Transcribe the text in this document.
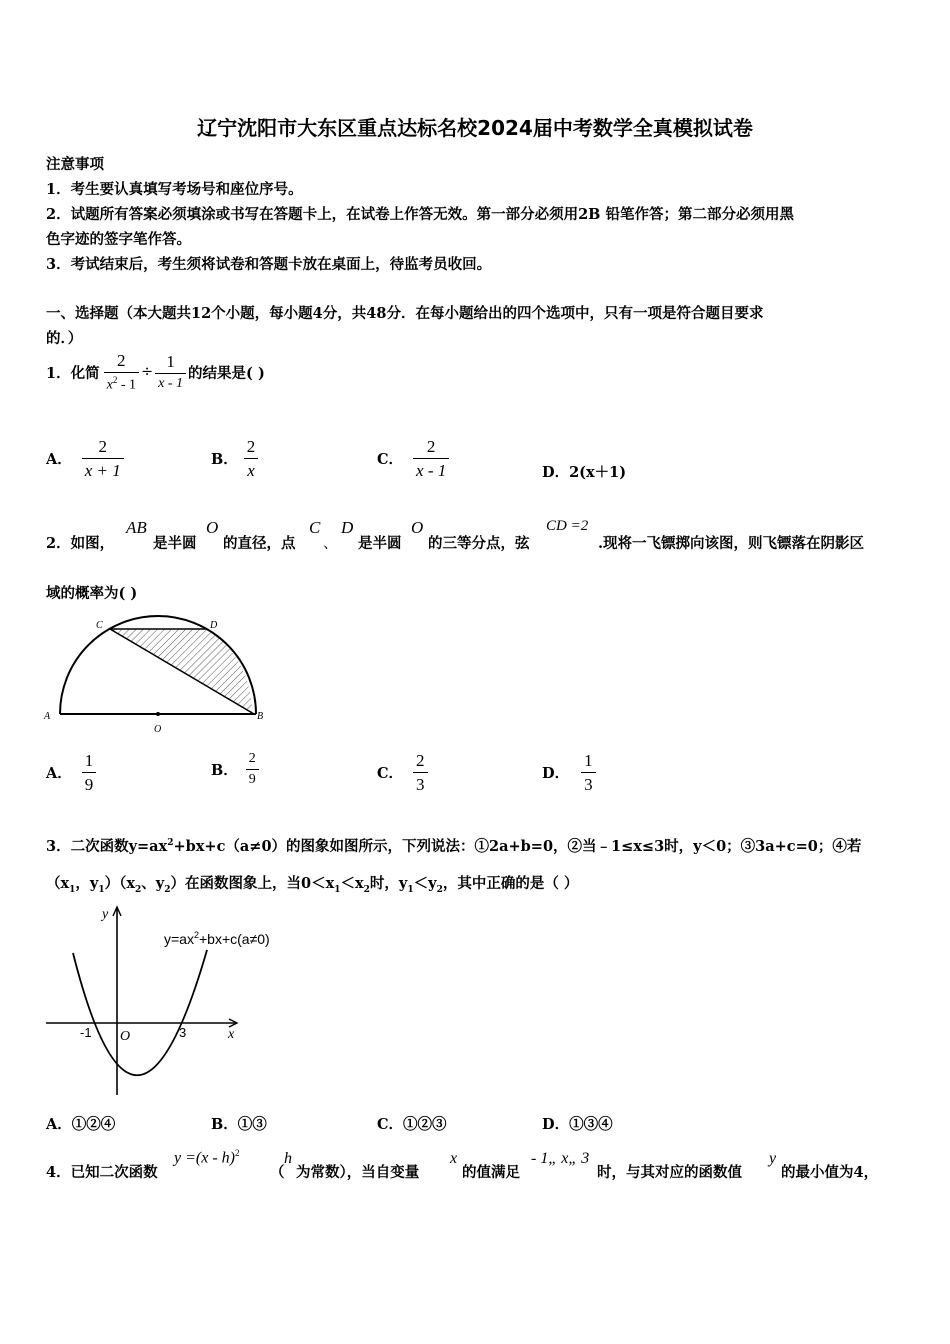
辽宁沈阳市大东区重点达标名校2024届中考数学全真模拟试卷
注意事项
1．考生要认真填写考场号和座位序号。
2．试题所有答案必须填涂或书写在答题卡上，在试卷上作答无效。第一部分必须用2B 铅笔作答；第二部分必须用黑
色字迹的签字笔作答。
3．考试结束后，考生须将试卷和答题卡放在桌面上，待监考员收回。
一、选择题（本大题共12个小题，每小题4分，共48分．在每小题给出的四个选项中，只有一项是符合题目要求
的．）
1．化简 $\frac{2}{x^2 - 1} \div \frac{1}{x - 1}$ 的结果是( )
A． $\frac{2}{x + 1}$	B． $\frac{2}{x}$	C． $\frac{2}{x - 1}$	D．2(x＋1)
2．如图，
AB
是半圆
O
的直径，点
C
、
D
是半圆
O
的三等分点，弦
CD =2
.现将一飞镖掷向该图，则飞镖落在阴影区
域的概率为( )
A	B
C	D
O
A． $\frac{1}{9}$	B． $\frac{2}{9}$	C． $\frac{2}{3}$	D． $\frac{1}{3}$
3．二次函数$y=ax^2+bx+c(a\ne 0)$的图象如图所示，下列说法：①2a+b=0，②当﹣1≤x≤3时，y＜0；③3a+c=0；④若
（$x_1$，$y_1)(x_2$、$y_2$）在函数图象上，当$0<x_1<x_2$时，$y_1<y_2$，其中正确的是（ ）
y
x
O
-1	3
$y=ax^2+bx+c(a\ne 0)$
A．①②④	B．①③	C．①②③	D．①③④
4．已知二次函数
y =(x - h)$^2$
（
h
为常数），当自变量
x
的值满足
- 1„ x„ 3
时，与其对应的函数值
y
的最小值为4，
